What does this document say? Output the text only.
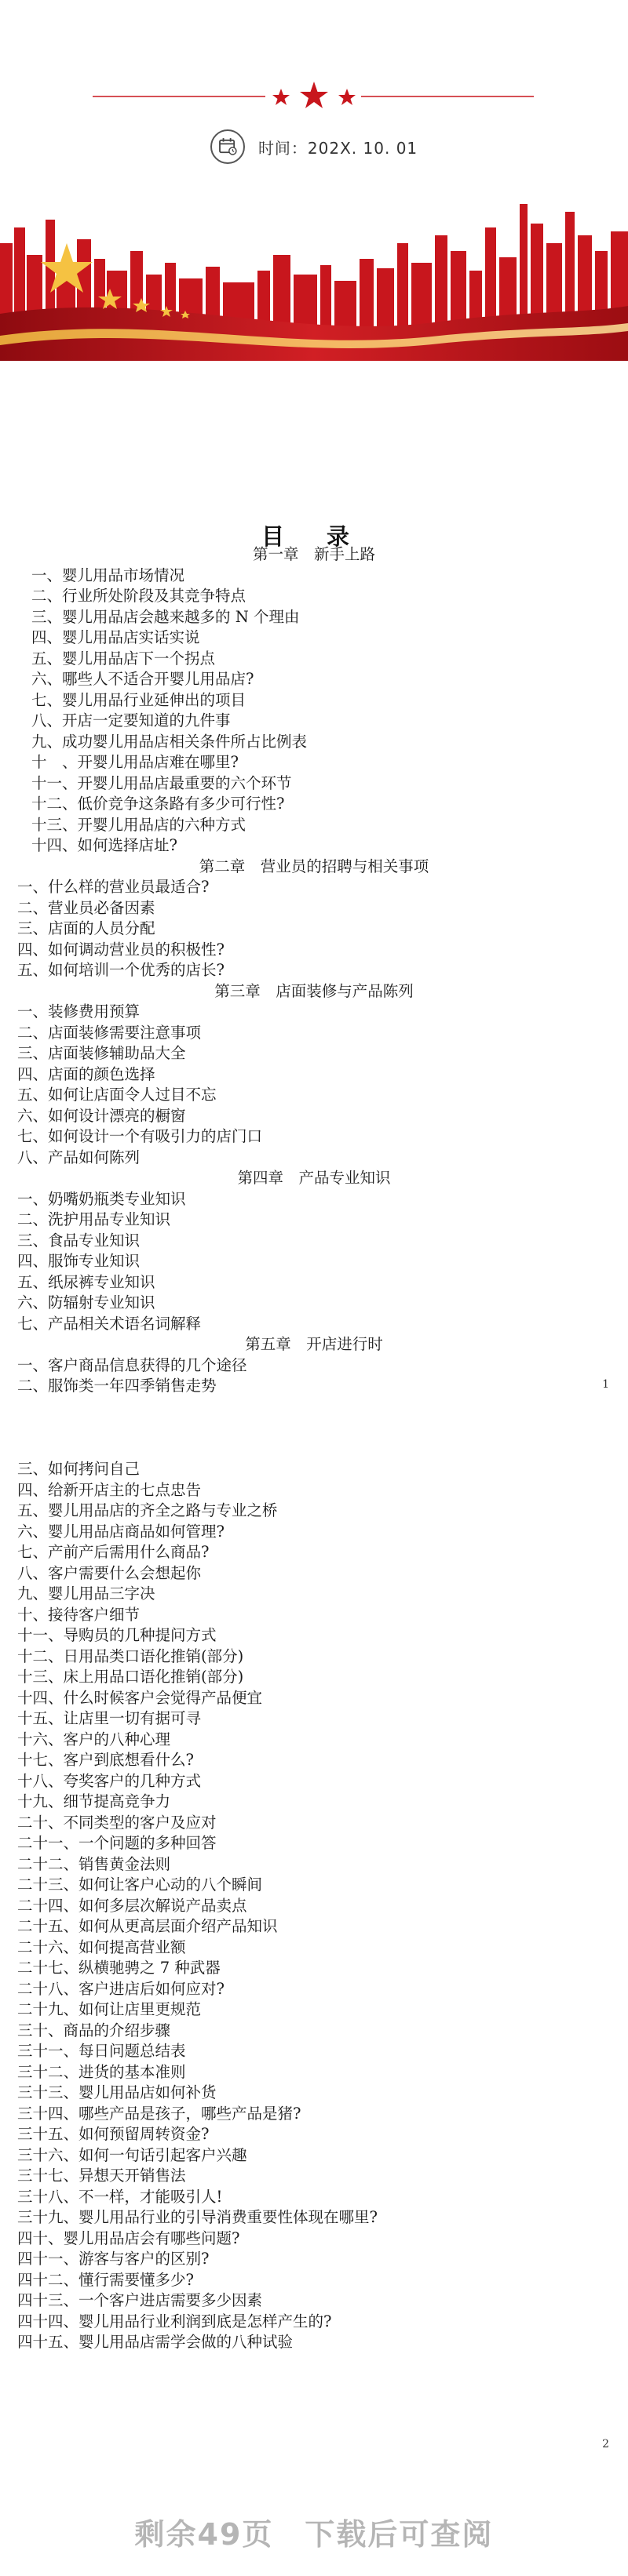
时间：202X. 10. 01
目 录
第一章　新手上路
一、婴儿用品市场情况
二、行业所处阶段及其竞争特点
三、婴儿用品店会越来越多的 N 个理由
四、婴儿用品店实话实说
五、婴儿用品店下一个拐点
六、哪些人不适合开婴儿用品店?
七、婴儿用品行业延伸出的项目
八、开店一定要知道的九件事
九、成功婴儿用品店相关条件所占比例表
十　、开婴儿用品店难在哪里?
十一、开婴儿用品店最重要的六个环节
十二、低价竞争这条路有多少可行性?
十三、开婴儿用品店的六种方式
十四、如何选择店址?
第二章　营业员的招聘与相关事项
一、什么样的营业员最适合?
二、营业员必备因素
三、店面的人员分配
四、如何调动营业员的积极性?
五、如何培训一个优秀的店长?
第三章　店面装修与产品陈列
一、装修费用预算
二、店面装修需要注意事项
三、店面装修辅助品大全
四、店面的颜色选择
五、如何让店面令人过目不忘
六、如何设计漂亮的橱窗
七、如何设计一个有吸引力的店门口
八、产品如何陈列
第四章　产品专业知识
一、奶嘴奶瓶类专业知识
二、洗护用品专业知识
三、食品专业知识
四、服饰专业知识
五、纸尿裤专业知识
六、防辐射专业知识
七、产品相关术语名词解释
第五章　开店进行时
一、客户商品信息获得的几个途径
二、服饰类一年四季销售走势	1
三、如何拷问自己
四、给新开店主的七点忠告
五、婴儿用品店的齐全之路与专业之桥
六、婴儿用品店商品如何管理?
七、产前产后需用什么商品?
八、客户需要什么会想起你
九、婴儿用品三字决
十、接待客户细节
十一、导购员的几种提问方式
十二、日用品类口语化推销(部分)
十三、床上用品口语化推销(部分)
十四、什么时候客户会觉得产品便宜
十五、让店里一切有据可寻
十六、客户的八种心理
十七、客户到底想看什么?
十八、夸奖客户的几种方式
十九、细节提高竞争力
二十、不同类型的客户及应对
二十一、一个问题的多种回答
二十二、销售黄金法则
二十三、如何让客户心动的八个瞬间
二十四、如何多层次解说产品卖点
二十五、如何从更高层面介绍产品知识
二十六、如何提高营业额
二十七、纵横驰骋之 7 种武器
二十八、客户进店后如何应对?
二十九、如何让店里更规范
三十、商品的介绍步骤
三十一、每日问题总结表
三十二、进货的基本准则
三十三、婴儿用品店如何补货
三十四、哪些产品是孩子，哪些产品是猪?
三十五、如何预留周转资金?
三十六、如何一句话引起客户兴趣
三十七、异想天开销售法
三十八、不一样，才能吸引人!
三十九、婴儿用品行业的引导消费重要性体现在哪里?
四十、婴儿用品店会有哪些问题?
四十一、游客与客户的区别?
四十二、懂行需要懂多少?
四十三、一个客户进店需要多少因素
四十四、婴儿用品行业利润到底是怎样产生的?
四十五、婴儿用品店需学会做的八种试验
2
剩余49页　下载后可查阅
